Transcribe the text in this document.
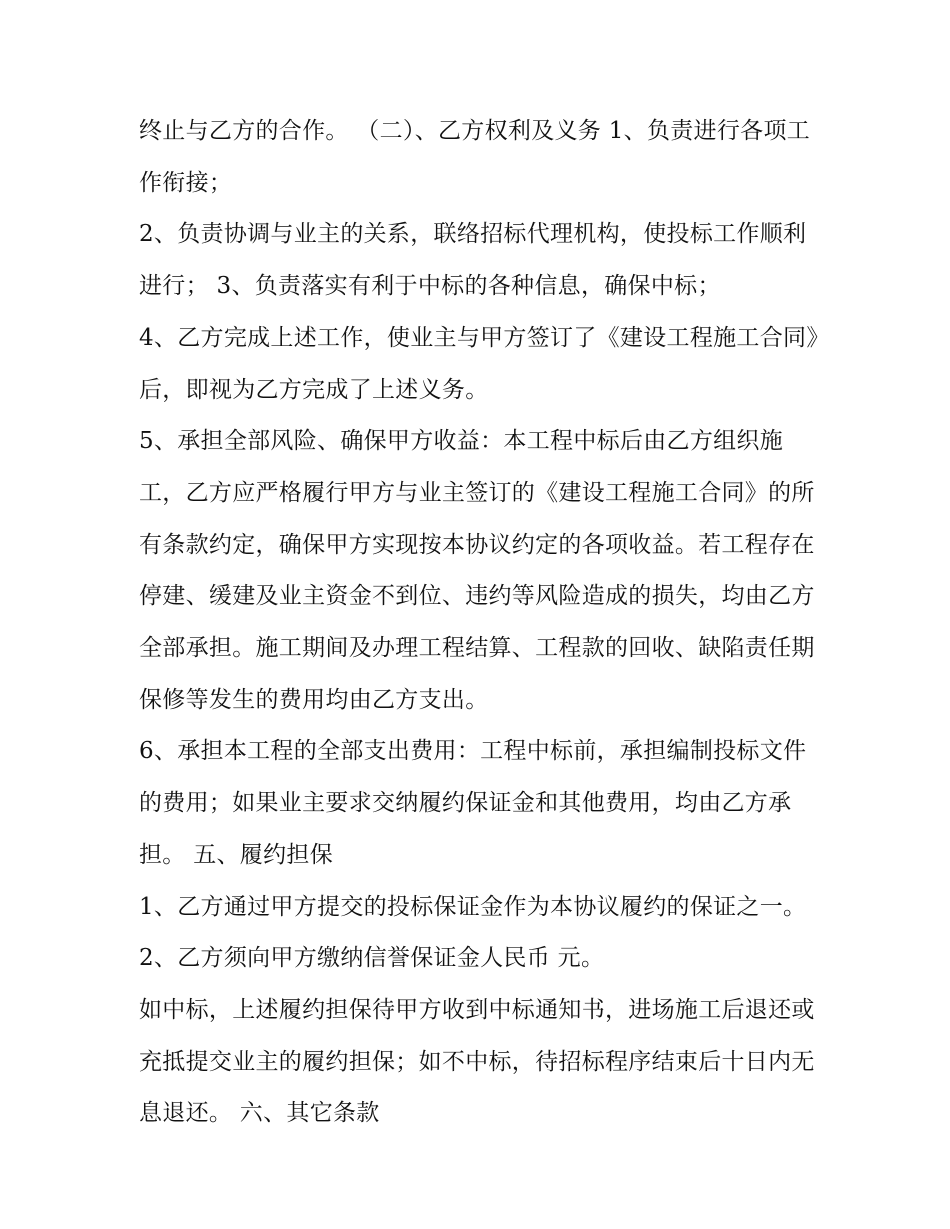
终止与乙方的合作。 （二）、乙方权利及义务 1、负责进行各项工作衔接；

2、负责协调与业主的关系，联络招标代理机构，使投标工作顺利进行； 3、负责落实有利于中标的各种信息，确保中标；

4、乙方完成上述工作，使业主与甲方签订了《建设工程施工合同》后，即视为乙方完成了上述义务。

5、承担全部风险、确保甲方收益：本工程中标后由乙方组织施工，乙方应严格履行甲方与业主签订的《建设工程施工合同》的所有条款约定，确保甲方实现按本协议约定的各项收益。若工程存在停建、缓建及业主资金不到位、违约等风险造成的损失，均由乙方全部承担。施工期间及办理工程结算、工程款的回收、缺陷责任期保修等发生的费用均由乙方支出。

6、承担本工程的全部支出费用：工程中标前，承担编制投标文件的费用；如果业主要求交纳履约保证金和其他费用，均由乙方承担。 五、履约担保

1、乙方通过甲方提交的投标保证金作为本协议履约的保证之一。 2、乙方须向甲方缴纳信誉保证金人民币 元。

如中标，上述履约担保待甲方收到中标通知书，进场施工后退还或充抵提交业主的履约担保；如不中标，待招标程序结束后十日内无息退还。 六、其它条款
